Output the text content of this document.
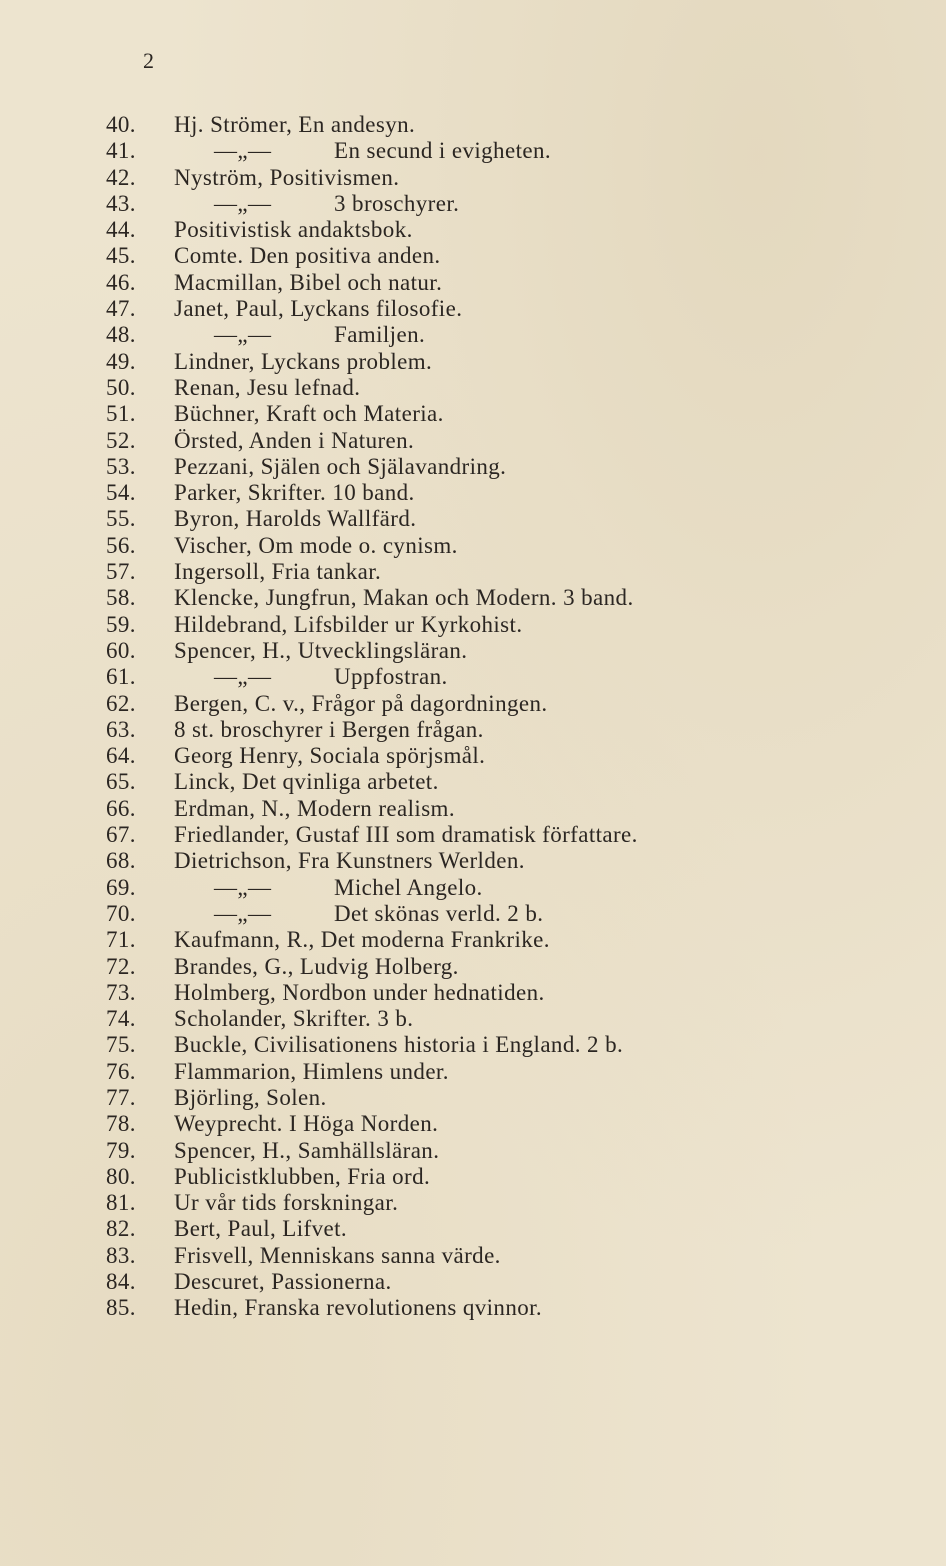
2
40.	Hj. Strömer, En andesyn.
41.	—„—	En secund i evigheten.
42.	Nyström, Positivismen.
43.	—„—	3 broschyrer.
44.	Positivistisk andaktsbok.
45.	Comte. Den positiva anden.
46.	Macmillan, Bibel och natur.
47.	Janet, Paul, Lyckans filosofie.
48.	—„—	Familjen.
49.	Lindner, Lyckans problem.
50.	Renan, Jesu lefnad.
51.	Büchner, Kraft och Materia.
52.	Örsted, Anden i Naturen.
53.	Pezzani, Själen och Själavandring.
54.	Parker, Skrifter. 10 band.
55.	Byron, Harolds Wallfärd.
56.	Vischer, Om mode o. cynism.
57.	Ingersoll, Fria tankar.
58.	Klencke, Jungfrun, Makan och Modern. 3 band.
59.	Hildebrand, Lifsbilder ur Kyrkohist.
60.	Spencer, H., Utvecklingsläran.
61.	—„—	Uppfostran.
62.	Bergen, C. v., Frågor på dagordningen.
63.	8 st. broschyrer i Bergen frågan.
64.	Georg Henry, Sociala spörjsmål.
65.	Linck, Det qvinliga arbetet.
66.	Erdman, N., Modern realism.
67.	Friedlander, Gustaf III som dramatisk författare.
68.	Dietrichson, Fra Kunstners Werlden.
69.	—„—	Michel Angelo.
70.	—„—	Det skönas verld. 2 b.
71.	Kaufmann, R., Det moderna Frankrike.
72.	Brandes, G., Ludvig Holberg.
73.	Holmberg, Nordbon under hednatiden.
74.	Scholander, Skrifter. 3 b.
75.	Buckle, Civilisationens historia i England. 2 b.
76.	Flammarion, Himlens under.
77.	Björling, Solen.
78.	Weyprecht. I Höga Norden.
79.	Spencer, H., Samhällsläran.
80.	Publicistklubben, Fria ord.
81.	Ur vår tids forskningar.
82.	Bert, Paul, Lifvet.
83.	Frisvell, Menniskans sanna värde.
84.	Descuret, Passionerna.
85.	Hedin, Franska revolutionens qvinnor.
